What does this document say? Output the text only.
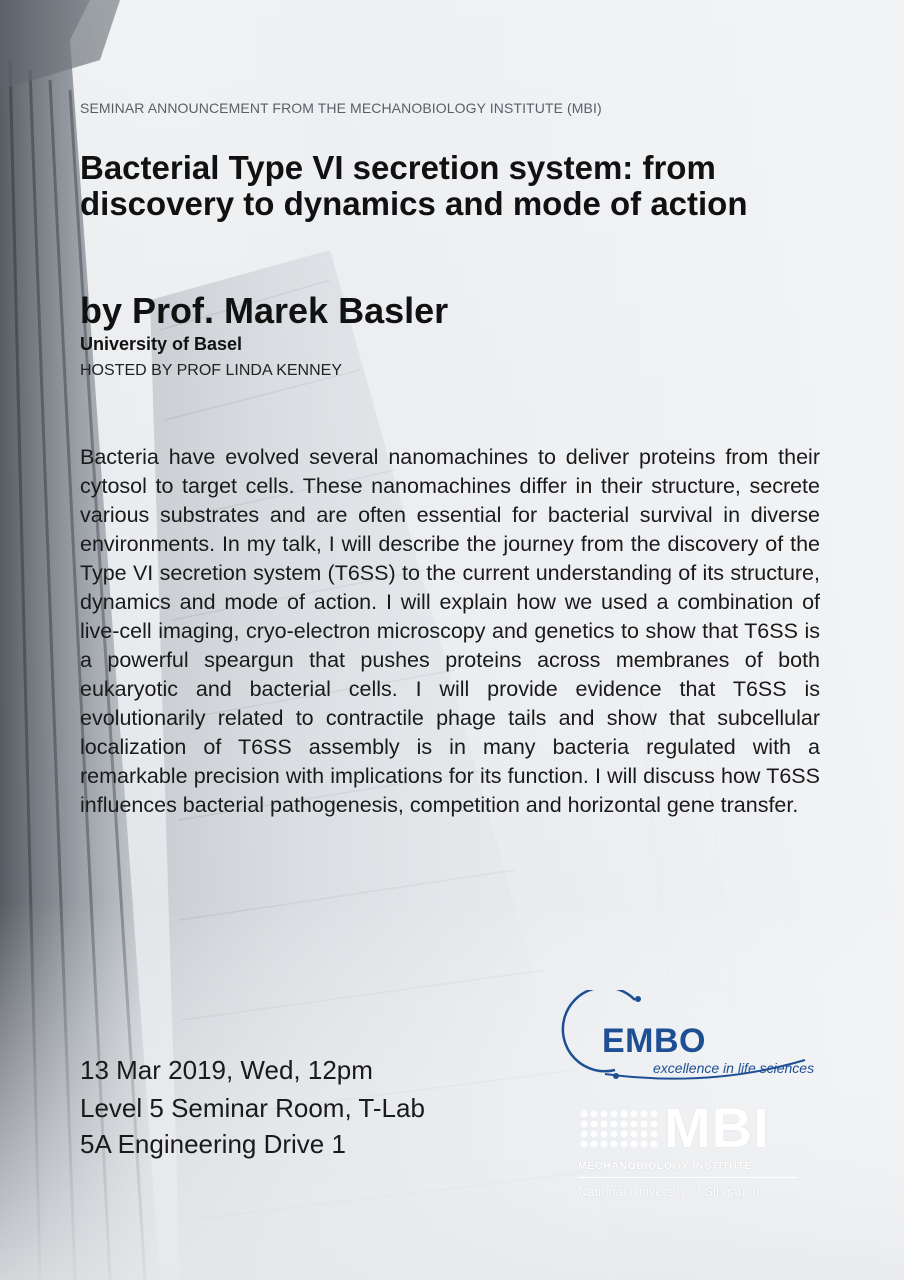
SEMINAR ANNOUNCEMENT FROM THE MECHANOBIOLOGY INSTITUTE (MBI)
Bacterial Type VI secretion system: from discovery to dynamics and mode of action
by Prof. Marek Basler
University of Basel
HOSTED BY PROF LINDA KENNEY

Bacteria have evolved several nanomachines to deliver proteins from their cytosol to target cells. These nanomachines differ in their structure, secrete various substrates and are often essential for bacterial survival in diverse environments. In my talk, I will describe the journey from the discovery of the Type VI secretion system (T6SS) to the current understanding of its structure, dynamics and mode of action. I will explain how we used a combination of live-cell imaging, cryo-electron microscopy and genetics to show that T6SS is a powerful speargun that pushes proteins across membranes of both eukaryotic and bacterial cells. I will provide evidence that T6SS is evolutionarily related to contractile phage tails and show that subcellular localization of T6SS assembly is in many bacteria regulated with a remarkable precision with implications for its function. I will discuss how T6SS influences bacterial pathogenesis, competition and horizontal gene transfer.

13 Mar 2019, Wed, 12pm
Level 5 Seminar Room, T-Lab
5A Engineering Drive 1
EMBO
excellence in life sciences
MBI
MECHANOBIOLOGY INSTITUTE
National University of Singapore
